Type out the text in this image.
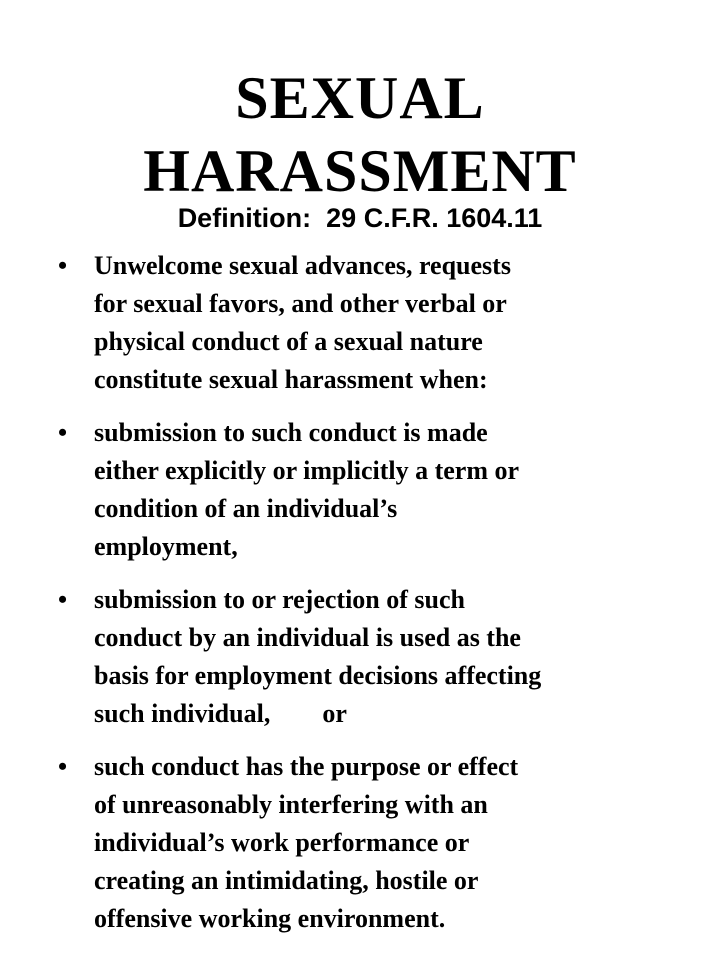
SEXUAL
HARASSMENT
Definition:  29 C.F.R. 1604.11
• Unwelcome sexual advances, requests
for sexual favors, and other verbal or
physical conduct of a sexual nature
constitute sexual harassment when:
• submission to such conduct is made
either explicitly or implicitly a term or
condition of an individual’s
employment,
• submission to or rejection of such
conduct by an individual is used as the
basis for employment decisions affecting
such individual,        or
• such conduct has the purpose or effect
of unreasonably interfering with an
individual’s work performance or
creating an intimidating, hostile or
offensive working environment.
